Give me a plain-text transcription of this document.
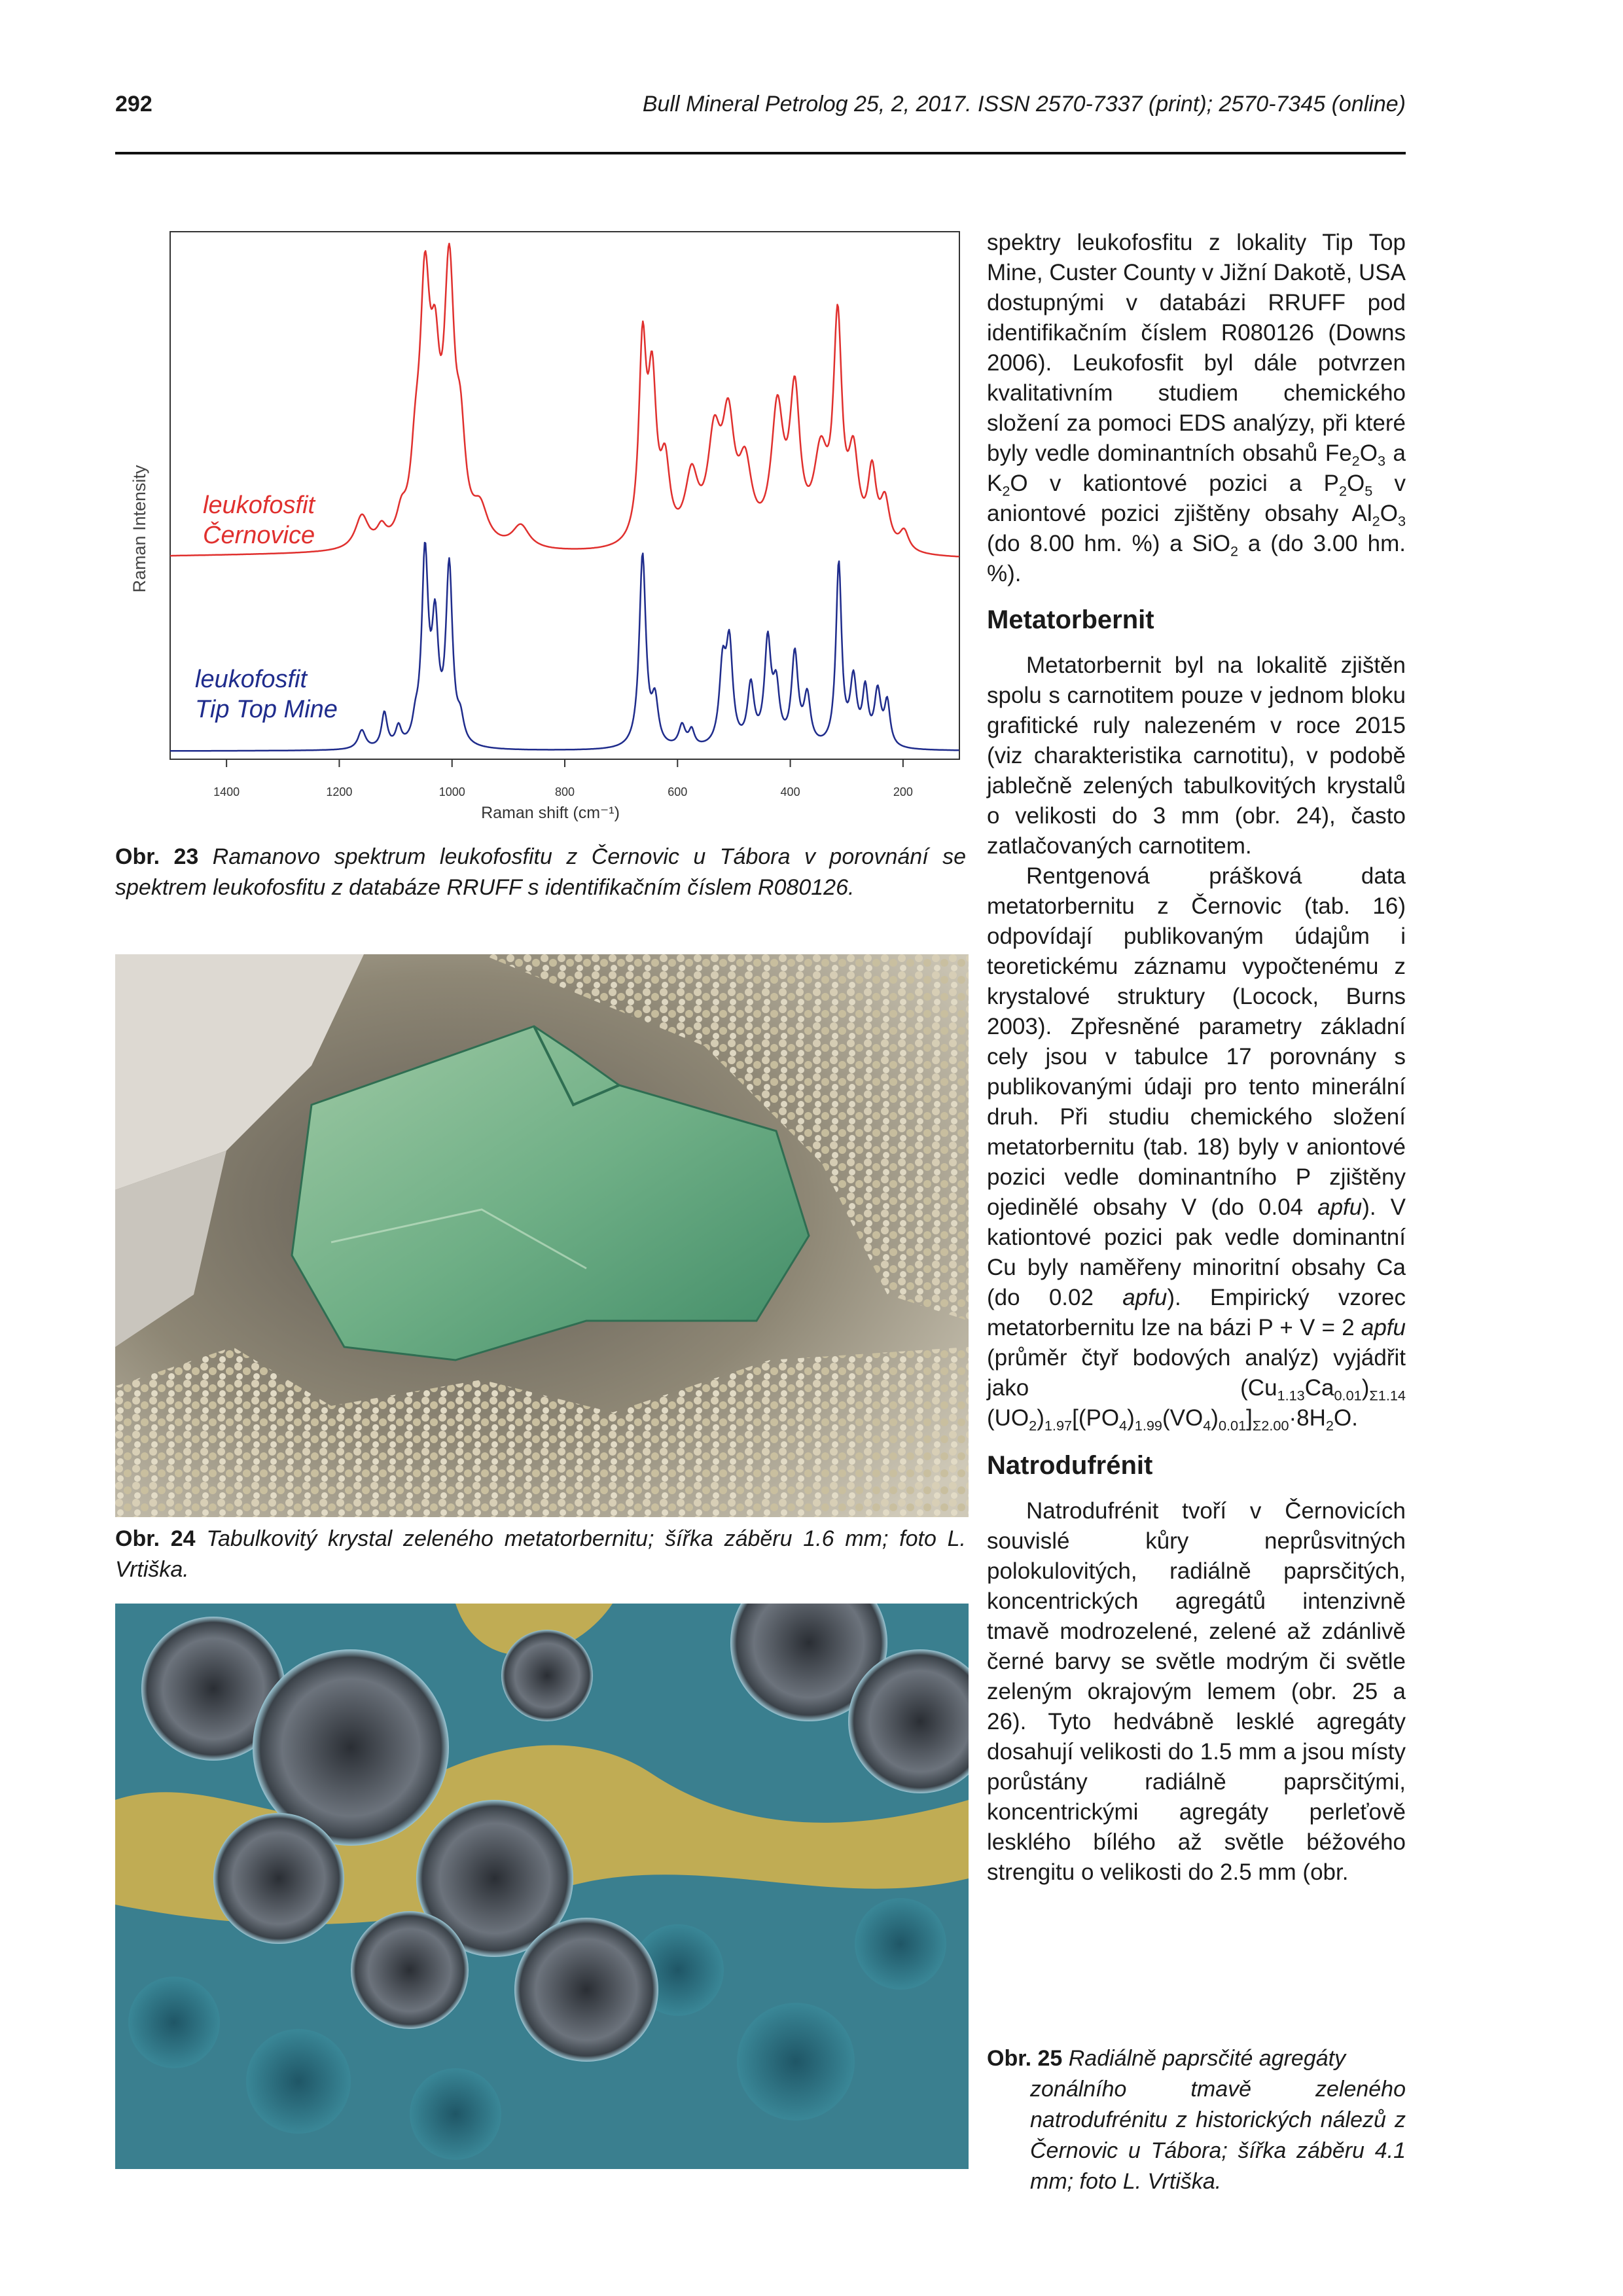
292	Bull Mineral Petrolog 25, 2, 2017. ISSN 2570-7337 (print); 2570-7345 (online)
Raman Intensity
Raman shift (cm⁻¹)
1400	1200	1000	800	600	400	200
leukofosfit
Černovice
leukofosfit
Tip Top Mine
Obr. 23 Ramanovo spektrum leukofosfitu z Černovic u Tábora v porovnání se spektrem leukofosfitu z databáze RRUFF s identifikačním číslem R080126.
Obr. 24 Tabulkovitý krystal zeleného metatorbernitu; šířka záběru 1.6 mm; foto L. Vrtiška.

spektry leukofosfitu z lokality Tip Top Mine, Custer County v Jižní Dakotě, USA dostupnými v databázi RRUFF pod identifikačním číslem R080126 (Downs 2006). Leukofosfit byl dále potvrzen kvalitativním studiem chemického složení za pomoci EDS analýzy, při které byly vedle dominantních obsahů $Fe_2O_3$ a $K_2O$ v kationtové pozici a $P_2O_5$ v aniontové pozici zjištěny obsahy $Al_2O_3$ (do 8.00 hm. %) a SiO$_2$ a (do 3.00 hm. %).

Metatorbernit

Metatorbernit byl na lokalitě zjištěn spolu s carnotitem pouze v jednom bloku grafitické ruly nalezeném v roce 2015 (viz charakteristika carnotitu), v podobě jablečně zelených tabulkovitých krystalů o velikosti do 3 mm (obr. 24), často zatlačovaných carnotitem.

Rentgenová prášková data metatorbernitu z Černovic (tab. 16) odpovídají publikovaným údajům i teoretickému záznamu vypočtenému z krystalové struktury (Locock, Burns 2003). Zpřesněné parametry základní cely jsou v tabulce 17 porovnány s publikovanými údaji pro tento minerální druh. Při studiu chemického složení metatorbernitu (tab. 18) byly v aniontové pozici vedle dominantního P zjištěny ojedinělé obsahy V (do 0.04 apfu). V kationtové pozici pak vedle dominantní Cu byly naměřeny minoritní obsahy Ca (do 0.02 apfu). Empirický vzorec metatorbernitu lze na bázi P + V = 2 apfu (průměr čtyř bodových analýz) vyjádřit jako $(Cu_{1.13}Ca_{0.01})_{\Sigma 1.14}$ $(UO_2)_{1.97}[(PO_4)_{1.99}(VO_4)_{0.01}]_{\Sigma 2.00}\cdot 8H_2O$.

Natrodufrénit

Natrodufrénit tvoří v Černovicích souvislé kůry neprůsvitných polokulovitých, radiálně paprsčitých, koncentrických agregátů intenzivně tmavě modrozelené, zelené až zdánlivě černé barvy se světle modrým či světle zeleným okrajovým lemem (obr. 25 a 26). Tyto hedvábně lesklé agregáty dosahují velikosti do 1.5 mm a jsou místy porůstány radiálně paprsčitými, koncentrickými agregáty perleťově lesklého bílého až světle béžového strengitu o velikosti do 2.5 mm (obr.

Obr. 25 Radiálně paprsčité agregáty
zonálního tmavě zeleného natrodufrénitu z historických nálezů z Černovic u Tábora; šířka záběru 4.1 mm; foto L. Vrtiška.
